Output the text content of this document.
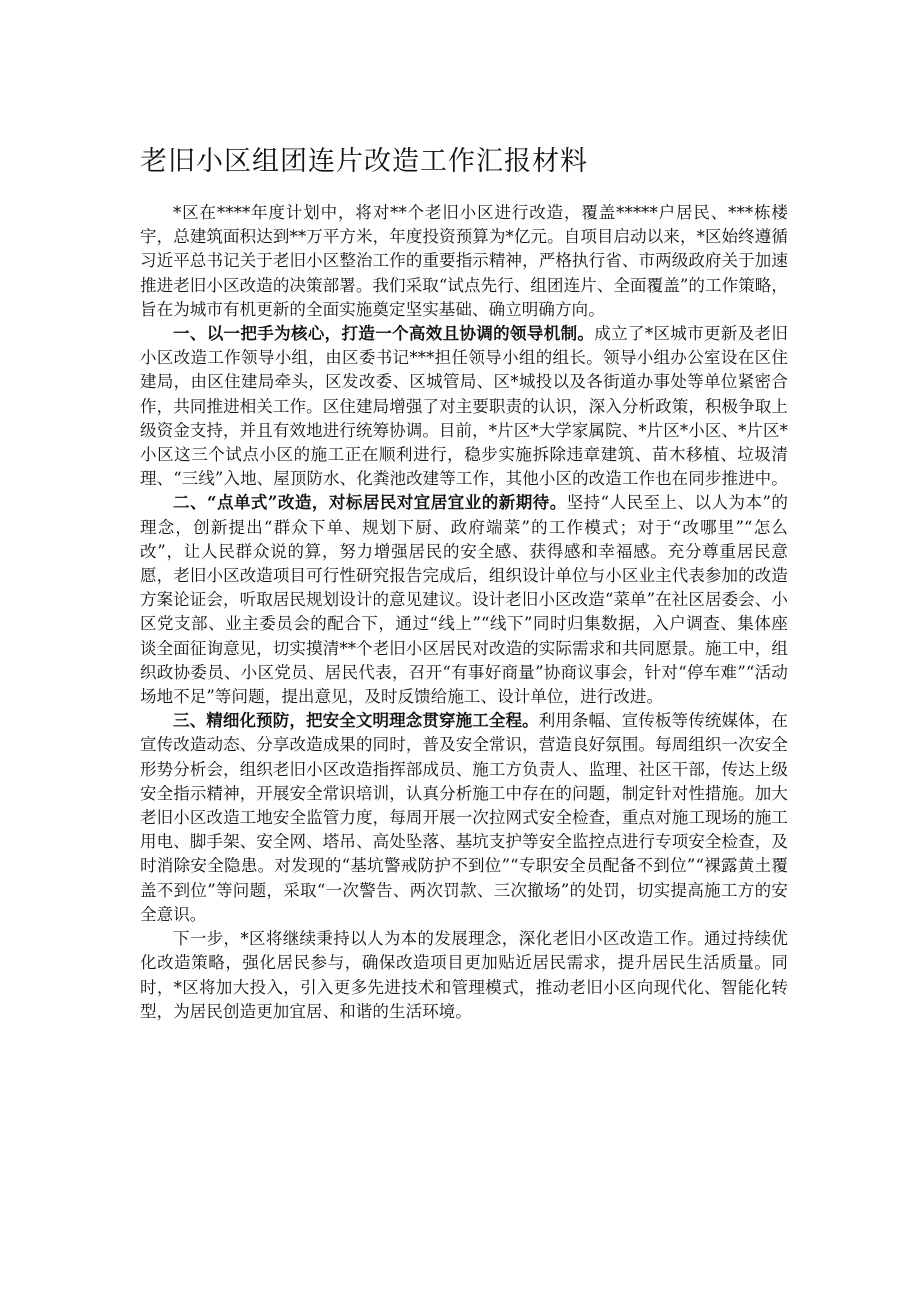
老旧小区组团连片改造工作汇报材料

*区在****年度计划中，将对**个老旧小区进行改造，覆盖*****户居民、***栋楼宇，总建筑面积达到**万平方米，年度投资预算为*亿元。自项目启动以来，*区始终遵循习近平总书记关于老旧小区整治工作的重要指示精神，严格执行省、市两级政府关于加速推进老旧小区改造的决策部署。我们采取“试点先行、组团连片、全面覆盖”的工作策略，旨在为城市有机更新的全面实施奠定坚实基础、确立明确方向。

一、以一把手为核心，打造一个高效且协调的领导机制。成立了*区城市更新及老旧小区改造工作领导小组，由区委书记***担任领导小组的组长。领导小组办公室设在区住建局，由区住建局牵头，区发改委、区城管局、区*城投以及各街道办事处等单位紧密合作，共同推进相关工作。区住建局增强了对主要职责的认识，深入分析政策，积极争取上级资金支持，并且有效地进行统筹协调。目前，*片区*大学家属院、*片区*小区、*片区*小区这三个试点小区的施工正在顺利进行，稳步实施拆除违章建筑、苗木移植、垃圾清理、“三线”入地、屋顶防水、化粪池改建等工作，其他小区的改造工作也在同步推进中。

二、“点单式”改造，对标居民对宜居宜业的新期待。坚持“人民至上、以人为本”的理念，创新提出“群众下单、规划下厨、政府端菜”的工作模式；对于“改哪里”“怎么改”，让人民群众说的算，努力增强居民的安全感、获得感和幸福感。充分尊重居民意愿，老旧小区改造项目可行性研究报告完成后，组织设计单位与小区业主代表参加的改造方案论证会，听取居民规划设计的意见建议。设计老旧小区改造“菜单”在社区居委会、小区党支部、业主委员会的配合下，通过“线上”“线下”同时归集数据，入户调查、集体座谈全面征询意见，切实摸清**个老旧小区居民对改造的实际需求和共同愿景。施工中，组织政协委员、小区党员、居民代表，召开“有事好商量”协商议事会，针对“停车难”“活动场地不足”等问题，提出意见，及时反馈给施工、设计单位，进行改进。

三、精细化预防，把安全文明理念贯穿施工全程。利用条幅、宣传板等传统媒体，在宣传改造动态、分享改造成果的同时，普及安全常识，营造良好氛围。每周组织一次安全形势分析会，组织老旧小区改造指挥部成员、施工方负责人、监理、社区干部，传达上级安全指示精神，开展安全常识培训，认真分析施工中存在的问题，制定针对性措施。加大老旧小区改造工地安全监管力度，每周开展一次拉网式安全检查，重点对施工现场的施工用电、脚手架、安全网、塔吊、高处坠落、基坑支护等安全监控点进行专项安全检查，及时消除安全隐患。对发现的“基坑警戒防护不到位”“专职安全员配备不到位”“裸露黄土覆盖不到位”等问题，采取“一次警告、两次罚款、三次撤场”的处罚，切实提高施工方的安全意识。

下一步，*区将继续秉持以人为本的发展理念，深化老旧小区改造工作。通过持续优化改造策略，强化居民参与，确保改造项目更加贴近居民需求，提升居民生活质量。同时，*区将加大投入，引入更多先进技术和管理模式，推动老旧小区向现代化、智能化转型，为居民创造更加宜居、和谐的生活环境。
